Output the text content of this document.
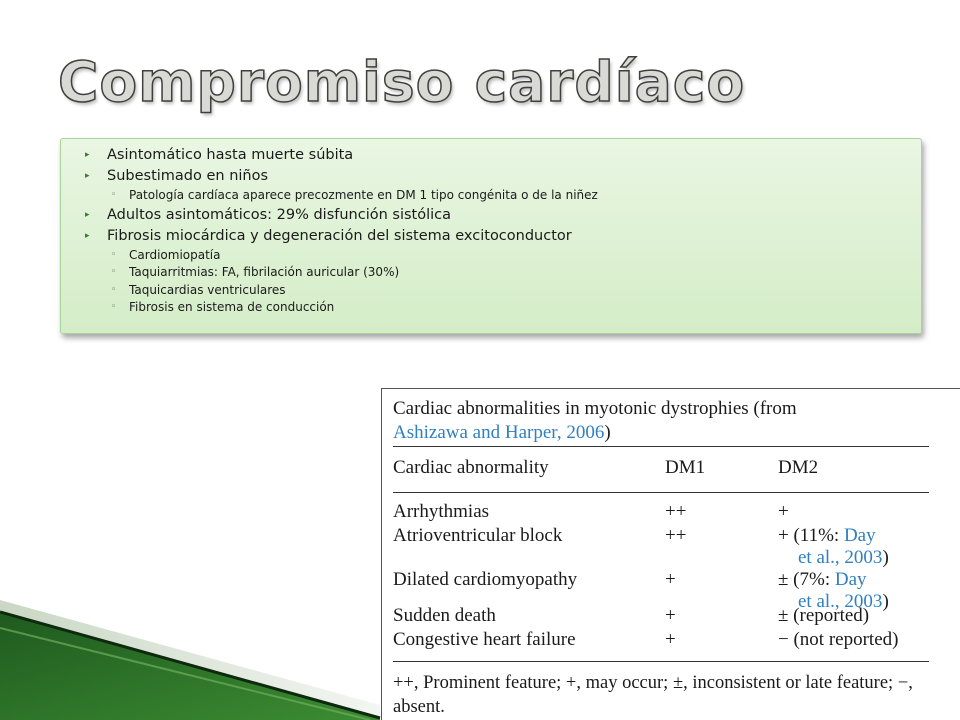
Compromiso cardíaco
▸ Asintomático hasta muerte súbita
▸ Subestimado en niños
◦ Patología cardíaca aparece precozmente en DM 1 tipo congénita o de la niñez
▸ Adultos asintomáticos: 29% disfunción sistólica
▸ Fibrosis miocárdica y degeneración del sistema excitoconductor
◦ Cardiomiopatía
◦ Taquiarritmias: FA, fibrilación auricular (30%)
◦ Taquicardias ventriculares
◦ Fibrosis en sistema de conducción
Cardiac abnormalities in myotonic dystrophies (from
Ashizawa and Harper, 2006)
Cardiac abnormality	DM1	DM2
Arrhythmias	++	+
Atrioventricular block	++	+ (11%: Day
et al., 2003)
Dilated cardiomyopathy	+	± (7%: Day
et al., 2003)
Sudden death	+	± (reported)
Congestive heart failure	+	− (not reported)
++, Prominent feature; +, may occur; ±, inconsistent or late feature; −, absent.
